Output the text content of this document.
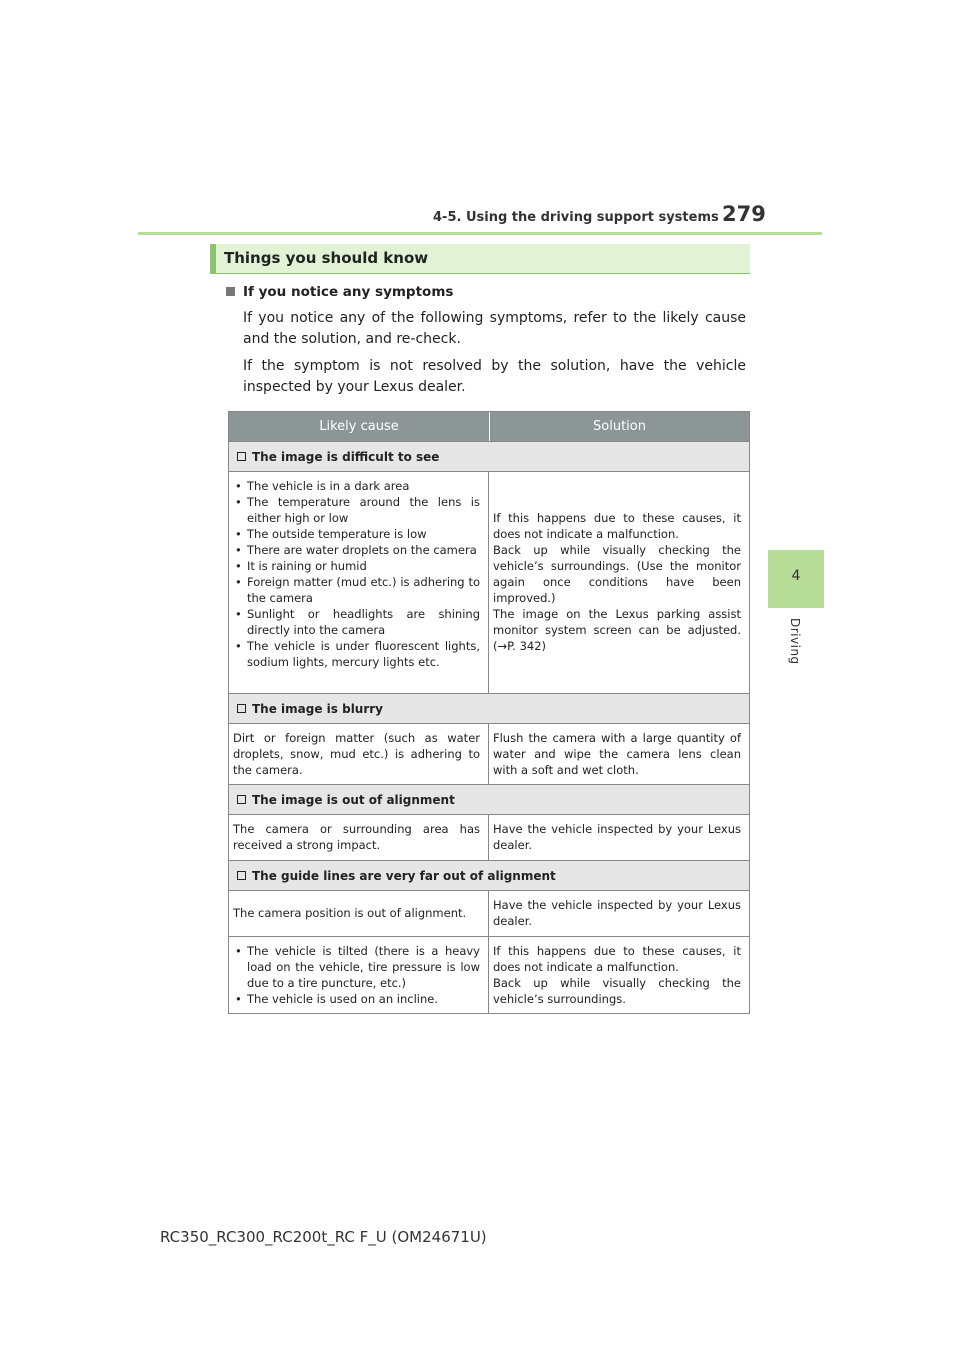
4-5. Using the driving support systems 279
4
Driving
Things you should know
If you notice any symptoms
If you notice any of the following symptoms, refer to the likely cause and the solution, and re-check.
If the symptom is not resolved by the solution, have the vehicle inspected by your Lexus dealer.
Likely cause	Solution
The image is difficult to see
• The vehicle is in a dark area
• The temperature around the lens is either high or low
• The outside temperature is low
• There are water droplets on the camera
• It is raining or humid
• Foreign matter (mud etc.) is adhering to the camera
• Sunlight or headlights are shining directly into the camera
• The vehicle is under fluorescent lights, sodium lights, mercury lights etc.
If this happens due to these causes, it does not indicate a malfunction.
Back up while visually checking the vehicle’s surroundings. (Use the monitor again once conditions have been improved.)
The image on the Lexus parking assist monitor system screen can be adjusted. (→P. 342)
The image is blurry
Dirt or foreign matter (such as water droplets, snow, mud etc.) is adhering to the camera.
Flush the camera with a large quantity of water and wipe the camera lens clean with a soft and wet cloth.
The image is out of alignment
The camera or surrounding area has received a strong impact.
Have the vehicle inspected by your Lexus dealer.
The guide lines are very far out of alignment
The camera position is out of alignment.
Have the vehicle inspected by your Lexus dealer.
• The vehicle is tilted (there is a heavy load on the vehicle, tire pressure is low due to a tire puncture, etc.)
• The vehicle is used on an incline.
If this happens due to these causes, it does not indicate a malfunction.
Back up while visually checking the vehicle’s surroundings.
RC350_RC300_RC200t_RC F_U (OM24671U)
